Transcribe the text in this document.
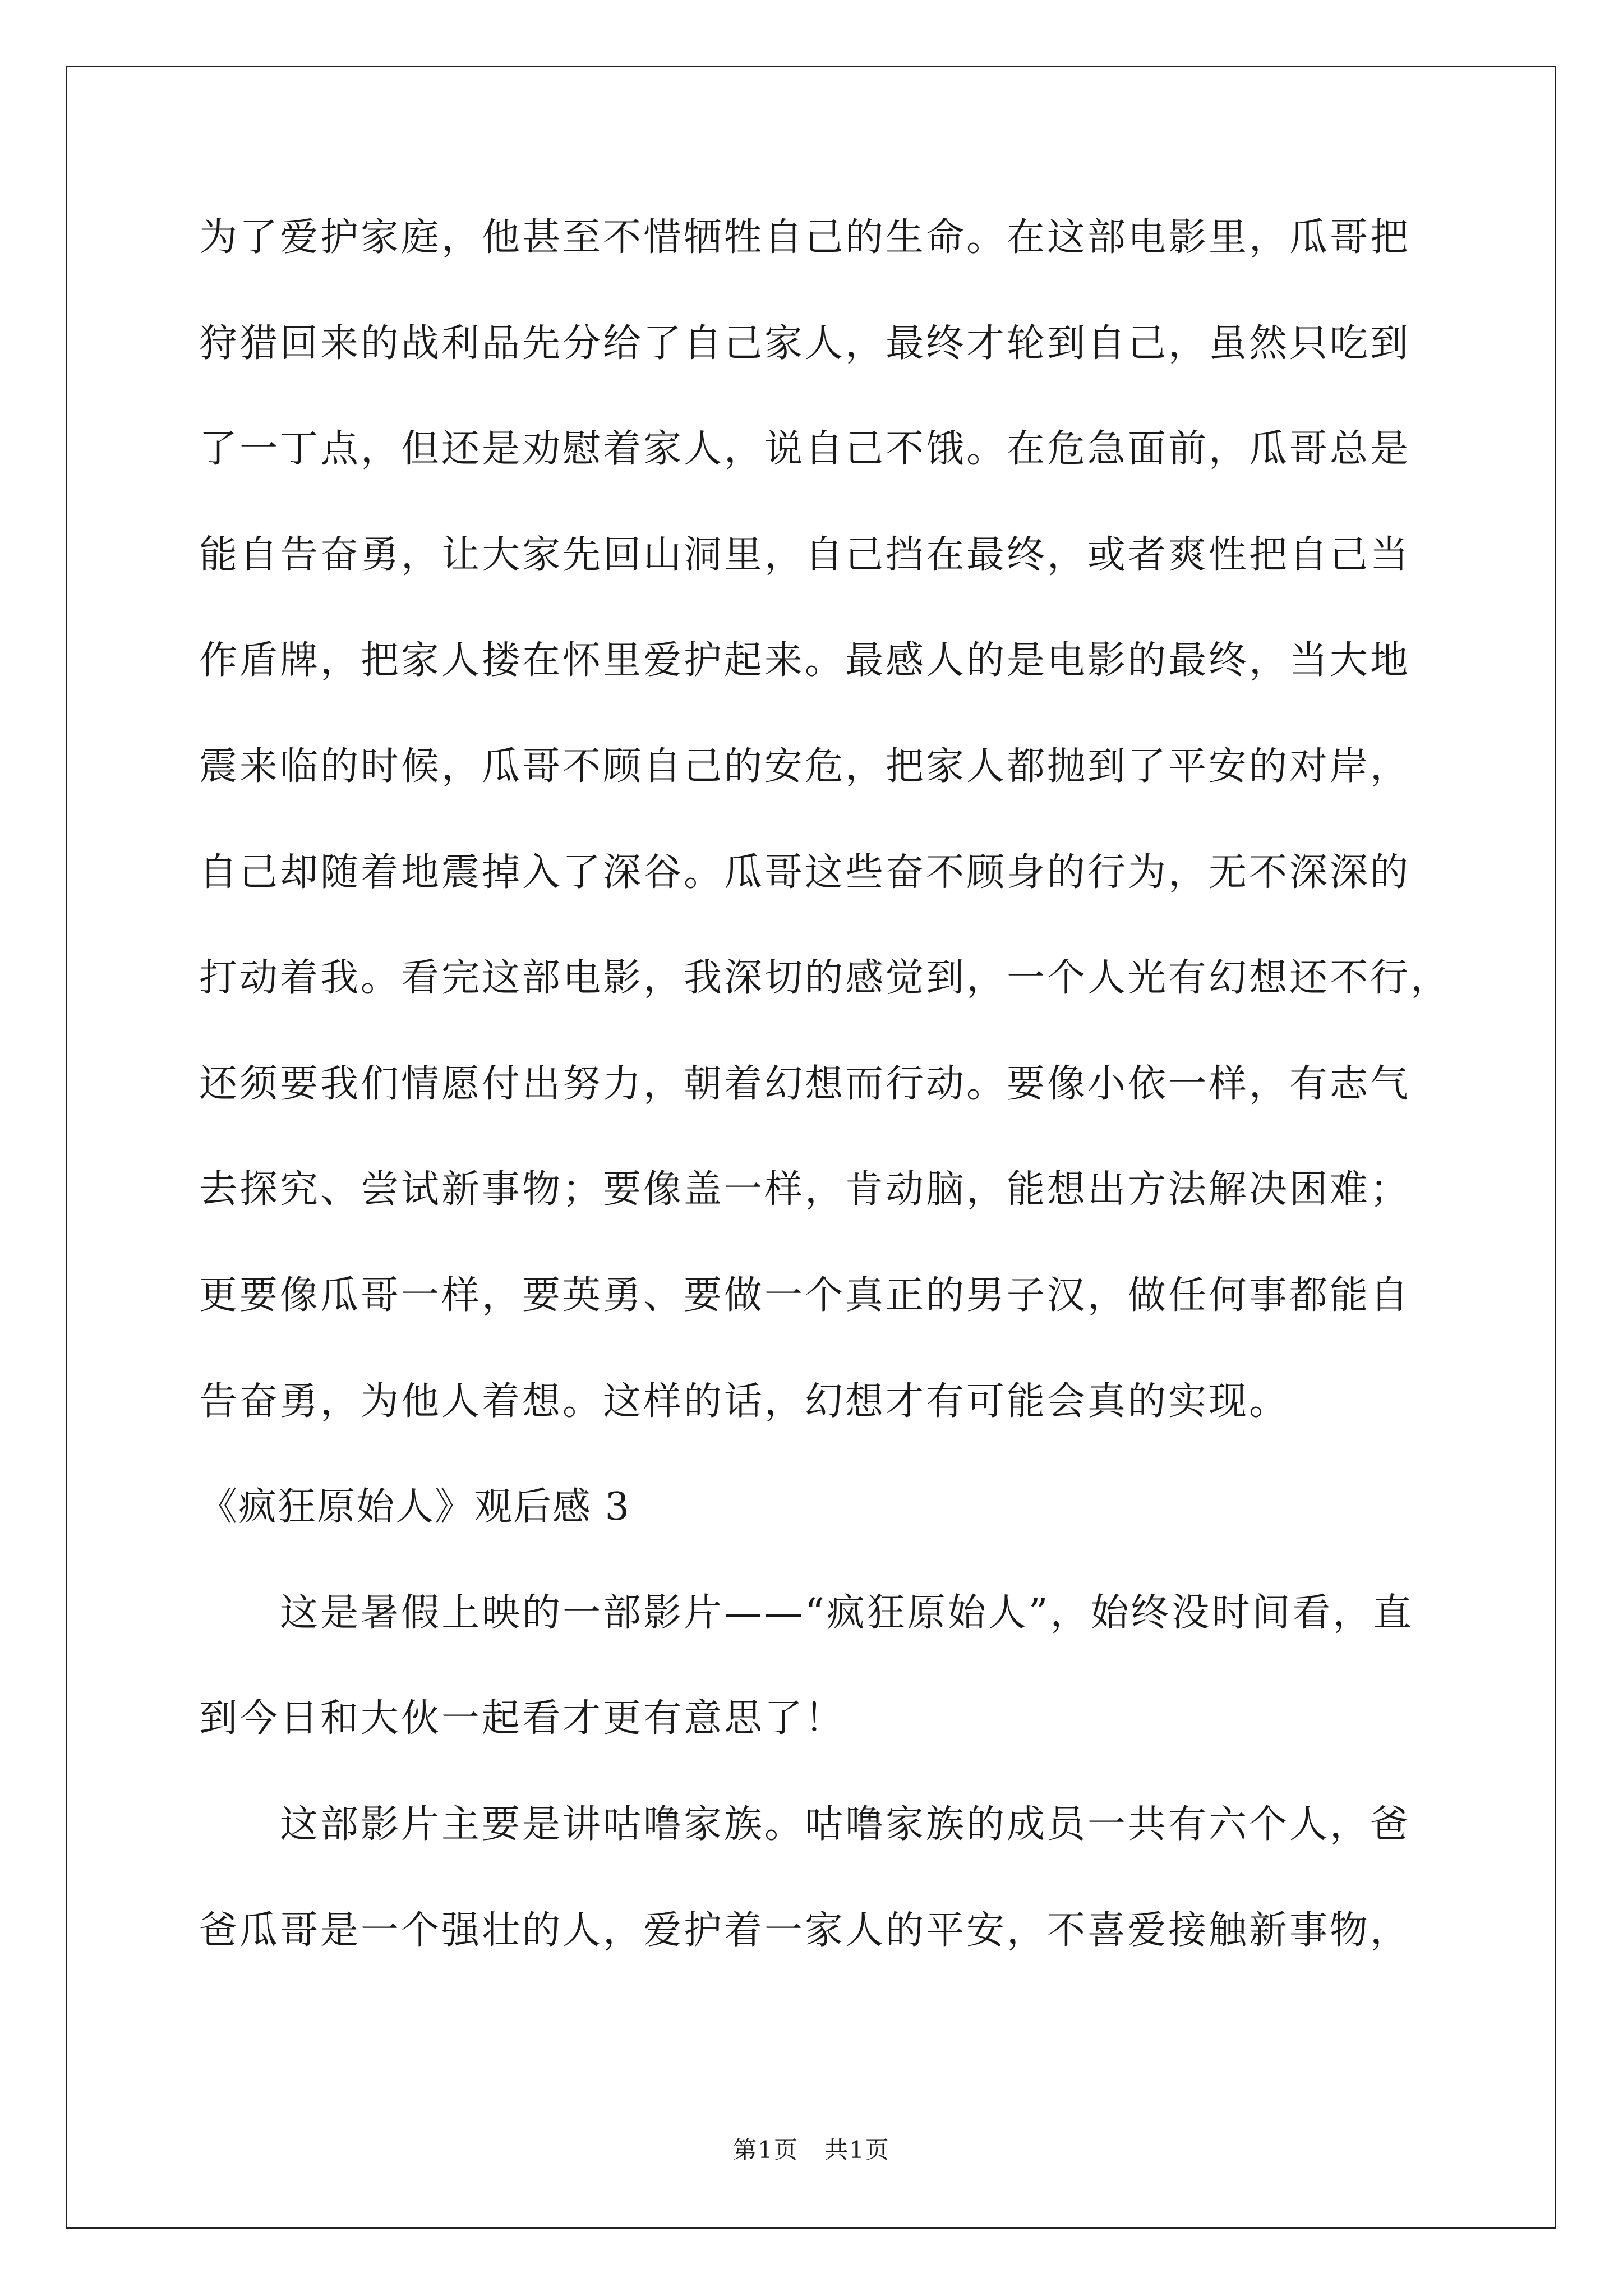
为了爱护家庭，他甚至不惜牺牲自己的生命。在这部电影里，瓜哥把
狩猎回来的战利品先分给了自己家人，最终才轮到自己，虽然只吃到
了一丁点，但还是劝慰着家人，说自己不饿。在危急面前，瓜哥总是
能自告奋勇，让大家先回山洞里，自己挡在最终，或者爽性把自己当
作盾牌，把家人搂在怀里爱护起来。最感人的是电影的最终，当大地
震来临的时候，瓜哥不顾自己的安危，把家人都抛到了平安的对岸，
自己却随着地震掉入了深谷。瓜哥这些奋不顾身的行为，无不深深的
打动着我。看完这部电影，我深切的感觉到，一个人光有幻想还不行，
还须要我们情愿付出努力，朝着幻想而行动。要像小依一样，有志气
去探究、尝试新事物；要像盖一样，肯动脑，能想出方法解决困难；
更要像瓜哥一样，要英勇、要做一个真正的男子汉，做任何事都能自
告奋勇，为他人着想。这样的话，幻想才有可能会真的实现。
《疯狂原始人》观后感 3
这是暑假上映的一部影片——“疯狂原始人”，始终没时间看，直
到今日和大伙一起看才更有意思了！
这部影片主要是讲咕噜家族。咕噜家族的成员一共有六个人，爸
爸瓜哥是一个强壮的人，爱护着一家人的平安，不喜爱接触新事物，
第1页   共1页
